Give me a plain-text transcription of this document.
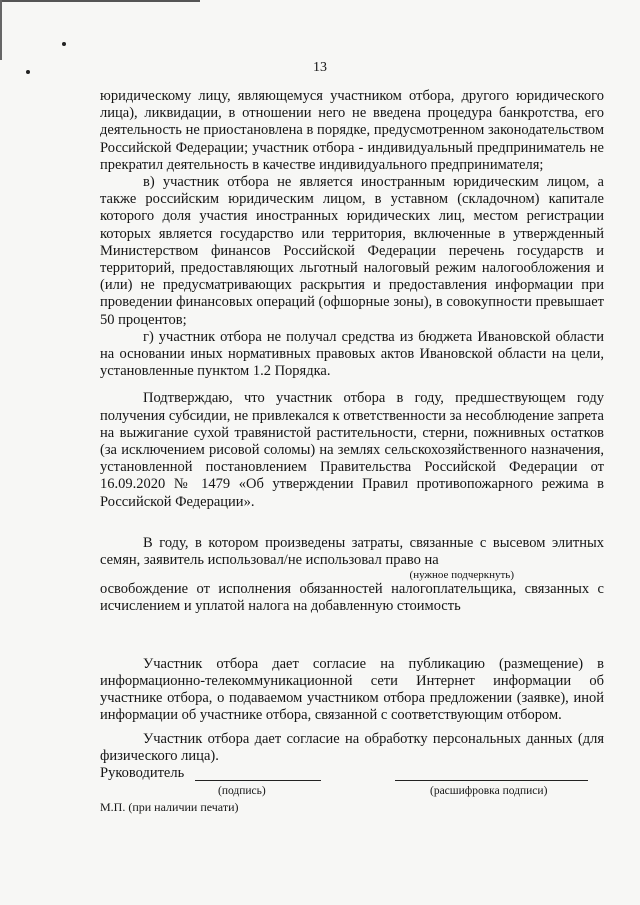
13

юридическому лицу, являющемуся участником отбора, другого юридического лица), ликвидации, в отношении него не введена процедура банкротства, его деятельность не приостановлена в порядке, предусмотренном законодательством Российской Федерации; участник отбора - индивидуальный предприниматель не прекратил деятельность в качестве индивидуального предпринимателя;

в) участник отбора не является иностранным юридическим лицом, а также российским юридическим лицом, в уставном (складочном) капитале которого доля участия иностранных юридических лиц, местом регистрации которых является государство или территория, включенные в утвержденный Министерством финансов Российской Федерации перечень государств и территорий, предоставляющих льготный налоговый режим налогообложения и (или) не предусматривающих раскрытия и предоставления информации при проведении финансовых операций (офшорные зоны), в совокупности превышает 50 процентов;

г) участник отбора не получал средства из бюджета Ивановской области на основании иных нормативных правовых актов Ивановской области на цели, установленные пунктом 1.2 Порядка.

Подтверждаю, что участник отбора в году, предшествующем году получения субсидии, не привлекался к ответственности за несоблюдение запрета на выжигание сухой травянистой растительности, стерни, пожнивных остатков (за исключением рисовой соломы) на землях сельскохозяйственного назначения, установленной постановлением Правительства Российской Федерации от 16.09.2020 № 1479 «Об утверждении Правил противопожарного режима в Российской Федерации».

В году, в котором произведены затраты, связанные с высевом элитных семян, заявитель использовал/не использовал право на

(нужное подчеркнуть)

освобождение от исполнения обязанностей налогоплательщика, связанных с исчислением и уплатой налога на добавленную стоимость

Участник отбора дает согласие на публикацию (размещение) в информационно-телекоммуникационной сети Интернет информации об участнике отбора, о подаваемом участником отбора предложении (заявке), иной информации об участнике отбора, связанной с соответствующим отбором.

Участник отбора дает согласие на обработку персональных данных (для физического лица).

Руководитель
(подпись)	(расшифровка подписи)
М.П. (при наличии печати)
